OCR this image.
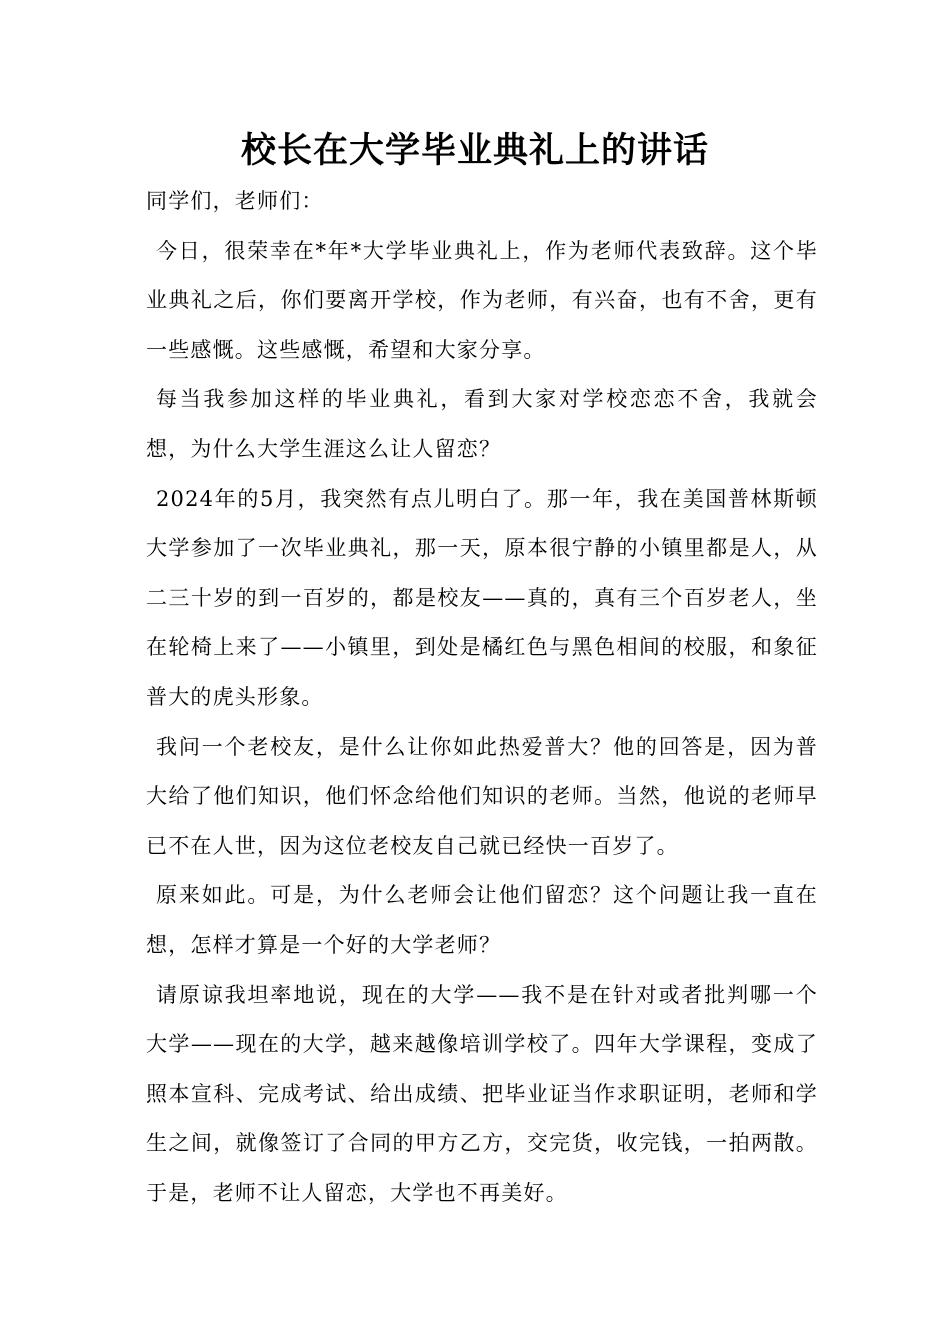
校长在大学毕业典礼上的讲话

同学们，老师们：

今日，很荣幸在*年*大学毕业典礼上，作为老师代表致辞。这个毕业典礼之后，你们要离开学校，作为老师，有兴奋，也有不舍，更有一些感慨。这些感慨，希望和大家分享。

每当我参加这样的毕业典礼，看到大家对学校恋恋不舍，我就会想，为什么大学生涯这么让人留恋？

2024年的5月，我突然有点儿明白了。那一年，我在美国普林斯顿大学参加了一次毕业典礼，那一天，原本很宁静的小镇里都是人，从二三十岁的到一百岁的，都是校友——真的，真有三个百岁老人，坐在轮椅上来了——小镇里，到处是橘红色与黑色相间的校服，和象征普大的虎头形象。

我问一个老校友，是什么让你如此热爱普大？他的回答是，因为普大给了他们知识，他们怀念给他们知识的老师。当然，他说的老师早已不在人世，因为这位老校友自己就已经快一百岁了。

原来如此。可是，为什么老师会让他们留恋？这个问题让我一直在想，怎样才算是一个好的大学老师？

请原谅我坦率地说，现在的大学——我不是在针对或者批判哪一个大学——现在的大学，越来越像培训学校了。四年大学课程，变成了照本宣科、完成考试、给出成绩、把毕业证当作求职证明，老师和学生之间，就像签订了合同的甲方乙方，交完货，收完钱，一拍两散。于是，老师不让人留恋，大学也不再美好。
